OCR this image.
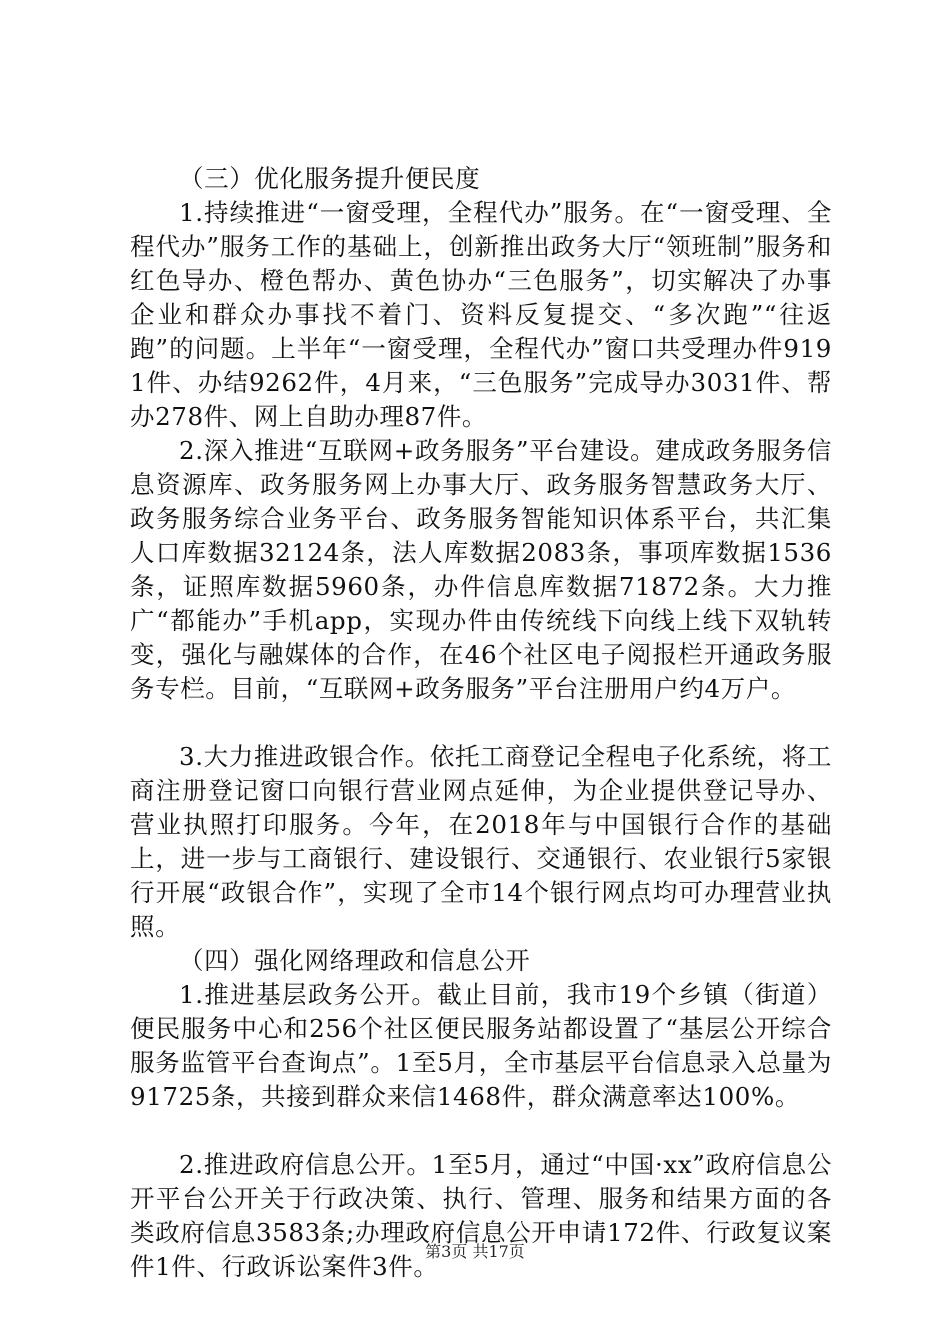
（三）优化服务提升便民度

1.持续推进“一窗受理，全程代办”服务。在“一窗受理、全程代办”服务工作的基础上，创新推出政务大厅“领班制”服务和红色导办、橙色帮办、黄色协办“三色服务”，切实解决了办事企业和群众办事找不着门、资料反复提交、“多次跑”“往返跑”的问题。上半年“一窗受理，全程代办”窗口共受理办件9191件、办结9262件，4月来，“三色服务”完成导办3031件、帮办278件、网上自助办理87件。

2.深入推进“互联网+政务服务”平台建设。建成政务服务信息资源库、政务服务网上办事大厅、政务服务智慧政务大厅、政务服务综合业务平台、政务服务智能知识体系平台，共汇集人口库数据32124条，法人库数据2083条，事项库数据1536条，证照库数据5960条，办件信息库数据71872条。大力推广“都能办”手机app，实现办件由传统线下向线上线下双轨转变，强化与融媒体的合作，在46个社区电子阅报栏开通政务服务专栏。目前，“互联网+政务服务”平台注册用户约4万户。

3.大力推进政银合作。依托工商登记全程电子化系统，将工商注册登记窗口向银行营业网点延伸，为企业提供登记导办、营业执照打印服务。今年，在2018年与中国银行合作的基础上，进一步与工商银行、建设银行、交通银行、农业银行5家银行开展“政银合作”，实现了全市14个银行网点均可办理营业执照。

（四）强化网络理政和信息公开

1.推进基层政务公开。截止目前，我市19个乡镇（街道）便民服务中心和256个社区便民服务站都设置了“基层公开综合服务监管平台查询点”。1至5月，全市基层平台信息录入总量为91725条，共接到群众来信1468件，群众满意率达100%。

2.推进政府信息公开。1至5月，通过“中国·xx”政府信息公开平台公开关于行政决策、执行、管理、服务和结果方面的各类政府信息3583条;办理政府信息公开申请172件、行政复议案件1件、行政诉讼案件3件。

第3页 共17页
